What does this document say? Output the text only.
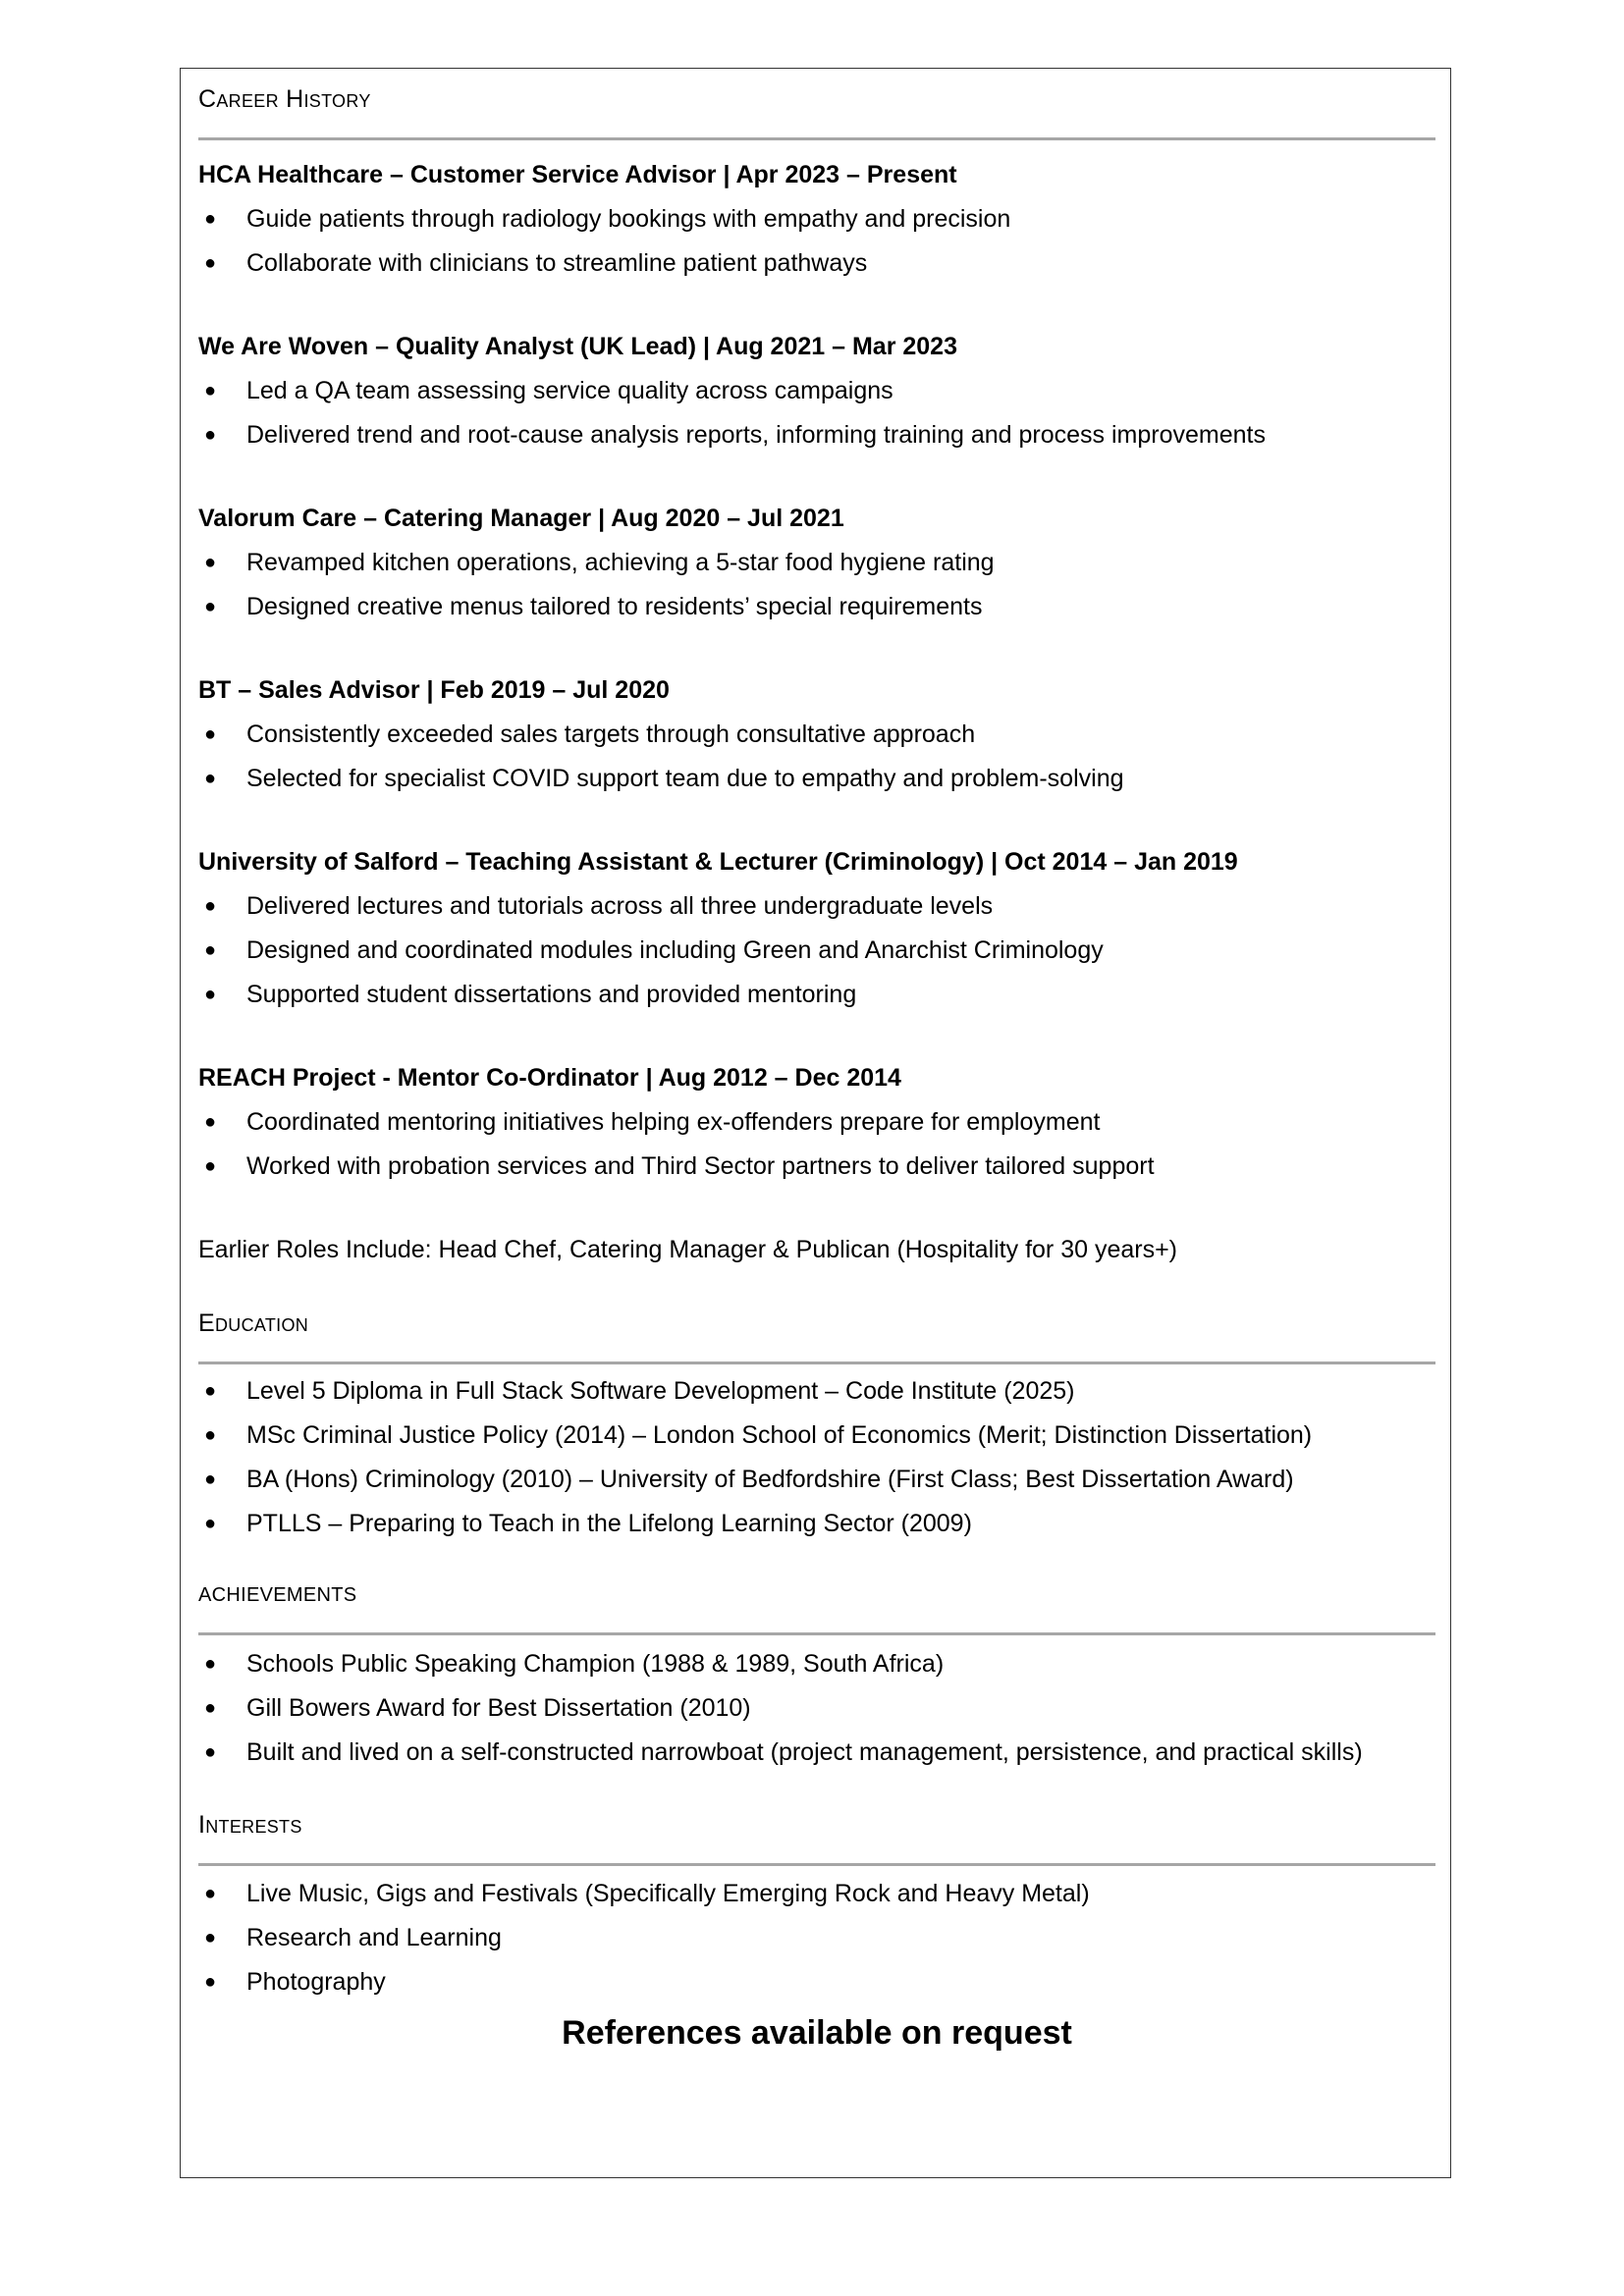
Career History
HCA Healthcare – Customer Service Advisor | Apr 2023 – Present
●	Guide patients through radiology bookings with empathy and precision
●	Collaborate with clinicians to streamline patient pathways
We Are Woven – Quality Analyst (UK Lead) | Aug 2021 – Mar 2023
●	Led a QA team assessing service quality across campaigns
●	Delivered trend and root-cause analysis reports, informing training and process improvements
Valorum Care – Catering Manager | Aug 2020 – Jul 2021
●	Revamped kitchen operations, achieving a 5-star food hygiene rating
●	Designed creative menus tailored to residents’ special requirements
BT – Sales Advisor | Feb 2019 – Jul 2020
●	Consistently exceeded sales targets through consultative approach
●	Selected for specialist COVID support team due to empathy and problem-solving
University of Salford – Teaching Assistant & Lecturer (Criminology) | Oct 2014 – Jan 2019
●	Delivered lectures and tutorials across all three undergraduate levels
●	Designed and coordinated modules including Green and Anarchist Criminology
●	Supported student dissertations and provided mentoring
REACH Project - Mentor Co-Ordinator | Aug 2012 – Dec 2014
●	Coordinated mentoring initiatives helping ex-offenders prepare for employment
●	Worked with probation services and Third Sector partners to deliver tailored support
Earlier Roles Include: Head Chef, Catering Manager & Publican (Hospitality for 30 years+)
Education
●	Level 5 Diploma in Full Stack Software Development – Code Institute (2025)
●	MSc Criminal Justice Policy (2014) – London School of Economics (Merit; Distinction Dissertation)
●	BA (Hons) Criminology (2010) – University of Bedfordshire (First Class; Best Dissertation Award)
●	PTLLS – Preparing to Teach in the Lifelong Learning Sector (2009)
ACHIEVEMENTS
●	Schools Public Speaking Champion (1988 & 1989, South Africa)
●	Gill Bowers Award for Best Dissertation (2010)
●	Built and lived on a self-constructed narrowboat (project management, persistence, and practical skills)
Interests
●	Live Music, Gigs and Festivals (Specifically Emerging Rock and Heavy Metal)
●	Research and Learning
●	Photography
References available on request
